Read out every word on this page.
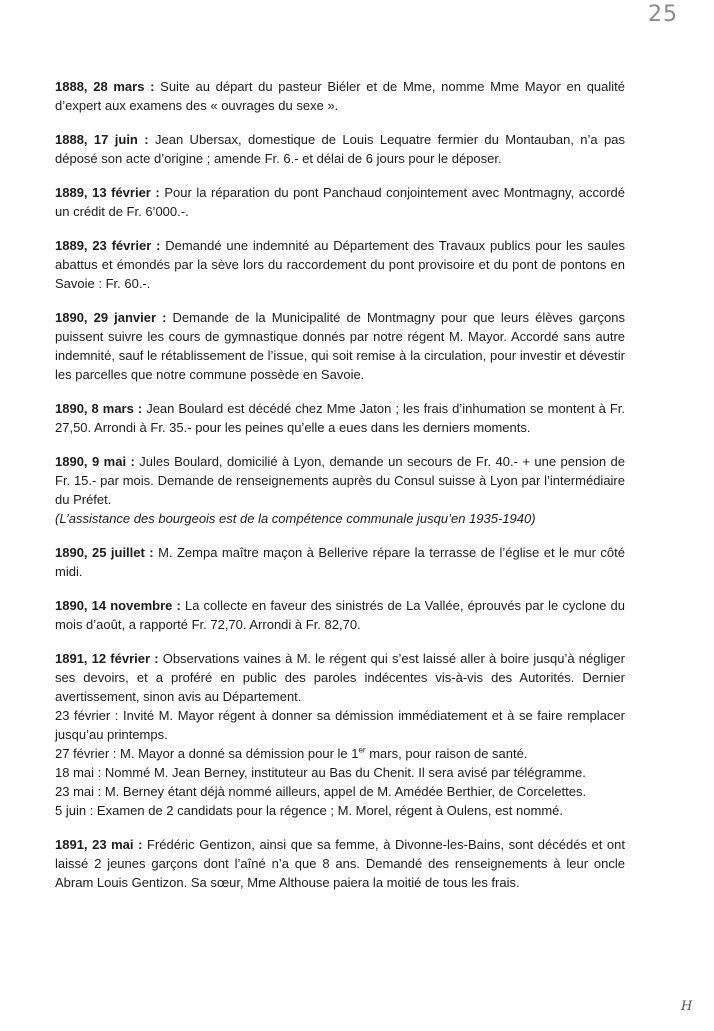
25

1888, 28 mars : Suite au départ du pasteur Biéler et de Mme, nomme Mme Mayor en qualité d’expert aux examens des « ouvrages du sexe ».

1888, 17 juin : Jean Ubersax, domestique de Louis Lequatre fermier du Montauban, n’a pas déposé son acte d’origine ; amende Fr. 6.- et délai de 6 jours pour le déposer.

1889, 13 février : Pour la réparation du pont Panchaud conjointement avec Montmagny, accordé un crédit de Fr. 6’000.-.

1889, 23 février : Demandé une indemnité au Département des Travaux publics pour les saules abattus et émondés par la sève lors du raccordement du pont provisoire et du pont de pontons en Savoie : Fr. 60.-.

1890, 29 janvier : Demande de la Municipalité de Montmagny pour que leurs élèves garçons puissent suivre les cours de gymnastique donnés par notre régent M. Mayor. Accordé sans autre indemnité, sauf le rétablissement de l’issue, qui soit remise à la circulation, pour investir et dévestir les parcelles que notre commune possède en Savoie.

1890, 8 mars : Jean Boulard est décédé chez Mme Jaton ; les frais d’inhumation se montent à Fr. 27,50. Arrondi à Fr. 35.- pour les peines qu’elle a eues dans les derniers moments.

1890, 9 mai : Jules Boulard, domicilié à Lyon, demande un secours de Fr. 40.- + une pension de Fr. 15.- par mois. Demande de renseignements auprès du Consul suisse à Lyon par l’intermédiaire du Préfet.
(L’assistance des bourgeois est de la compétence communale jusqu’en 1935-1940)

1890, 25 juillet : M. Zempa maître maçon à Bellerive répare la terrasse de l’église et le mur côté midi.

1890, 14 novembre : La collecte en faveur des sinistrés de La Vallée, éprouvés par le cyclone du mois d’août, a rapporté Fr. 72,70. Arrondi à Fr. 82,70.

1891, 12 février : Observations vaines à M. le régent qui s’est laissé aller à boire jusqu’à négliger ses devoirs, et a proféré en public des paroles indécentes vis-à-vis des Autorités. Dernier avertissement, sinon avis au Département.
23 février : Invité M. Mayor régent à donner sa démission immédiatement et à se faire remplacer jusqu’au printemps.
27 février : M. Mayor a donné sa démission pour le 1er mars, pour raison de santé.
18 mai : Nommé M. Jean Berney, instituteur au Bas du Chenit. Il sera avisé par télégramme.
23 mai : M. Berney étant déjà nommé ailleurs, appel de M. Amédée Berthier, de Corcelettes.
5 juin : Examen de 2 candidats pour la régence ; M. Morel, régent à Oulens, est nommé.

1891, 23 mai : Frédéric Gentizon, ainsi que sa femme, à Divonne-les-Bains, sont décédés et ont laissé 2 jeunes garçons dont l’aîné n’a que 8 ans. Demandé des renseignements à leur oncle Abram Louis Gentizon. Sa sœur, Mme Althouse paiera la moitié de tous les frais.

H
